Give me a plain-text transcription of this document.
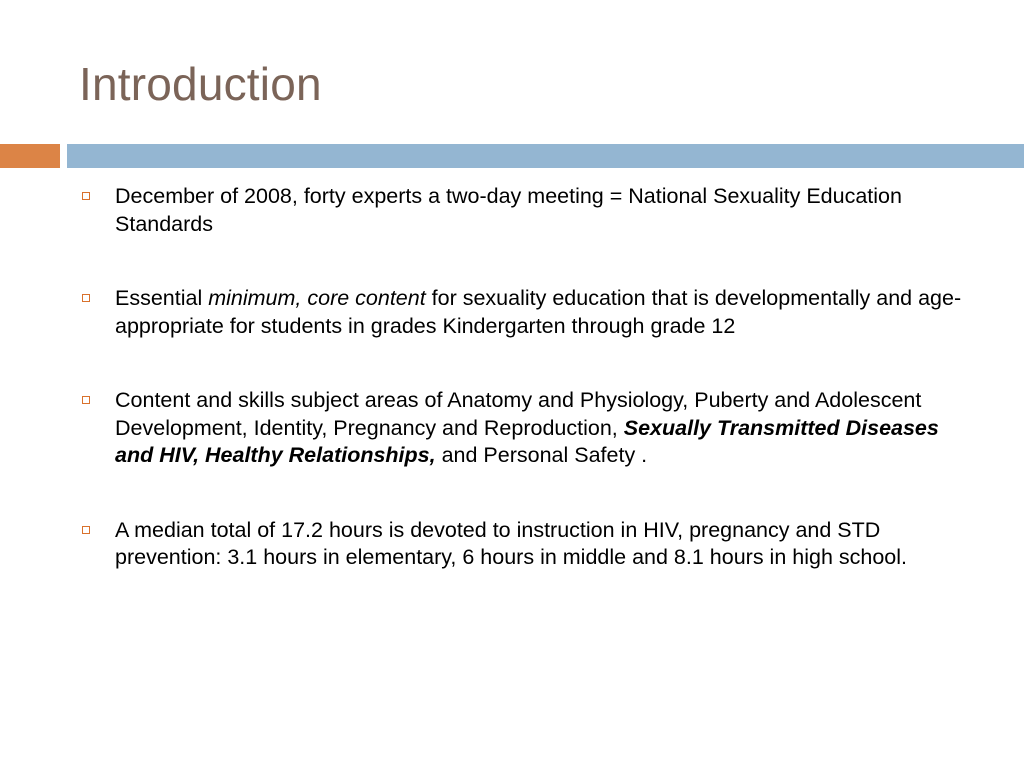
Introduction
December of 2008, forty experts a two-day meeting = National Sexuality Education Standards
Essential minimum, core content for sexuality education that is developmentally and age-appropriate for students in grades Kindergarten through grade 12
Content and skills subject areas of Anatomy and Physiology, Puberty and Adolescent Development, Identity, Pregnancy and Reproduction, Sexually Transmitted Diseases and HIV, Healthy Relationships, and Personal Safety .
A median total of 17.2 hours is devoted to instruction in HIV, pregnancy and STD prevention: 3.1 hours in elementary, 6 hours in middle and 8.1 hours in high school.
